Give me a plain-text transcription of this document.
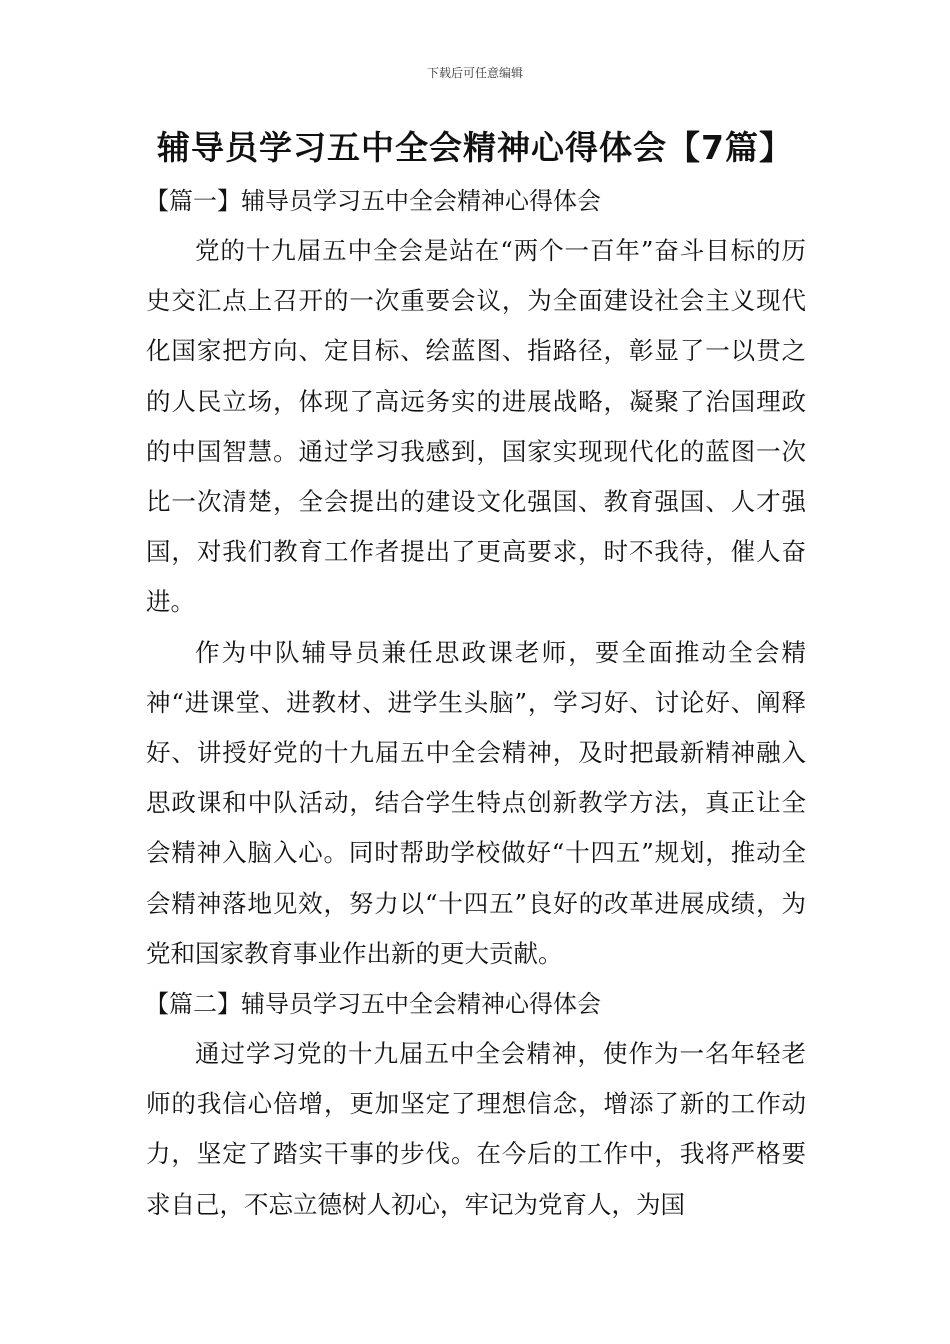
下载后可任意编辑
辅导员学习五中全会精神心得体会【7篇】
【篇一】辅导员学习五中全会精神心得体会

党的十九届五中全会是站在“两个一百年”奋斗目标的历史交汇点上召开的一次重要会议，为全面建设社会主义现代化国家把方向、定目标、绘蓝图、指路径，彰显了一以贯之的人民立场，体现了高远务实的进展战略，凝聚了治国理政的中国智慧。通过学习我感到，国家实现现代化的蓝图一次比一次清楚，全会提出的建设文化强国、教育强国、人才强国，对我们教育工作者提出了更高要求，时不我待，催人奋进。

作为中队辅导员兼任思政课老师，要全面推动全会精神“进课堂、进教材、进学生头脑”，学习好、讨论好、阐释好、讲授好党的十九届五中全会精神，及时把最新精神融入思政课和中队活动，结合学生特点创新教学方法，真正让全会精神入脑入心。同时帮助学校做好“十四五”规划，推动全会精神落地见效，努力以“十四五”良好的改革进展成绩，为党和国家教育事业作出新的更大贡献。

【篇二】辅导员学习五中全会精神心得体会

通过学习党的十九届五中全会精神，使作为一名年轻老师的我信心倍增，更加坚定了理想信念，增添了新的工作动力，坚定了踏实干事的步伐。在今后的工作中，我将严格要求自己，不忘立德树人初心，牢记为党育人，为国
